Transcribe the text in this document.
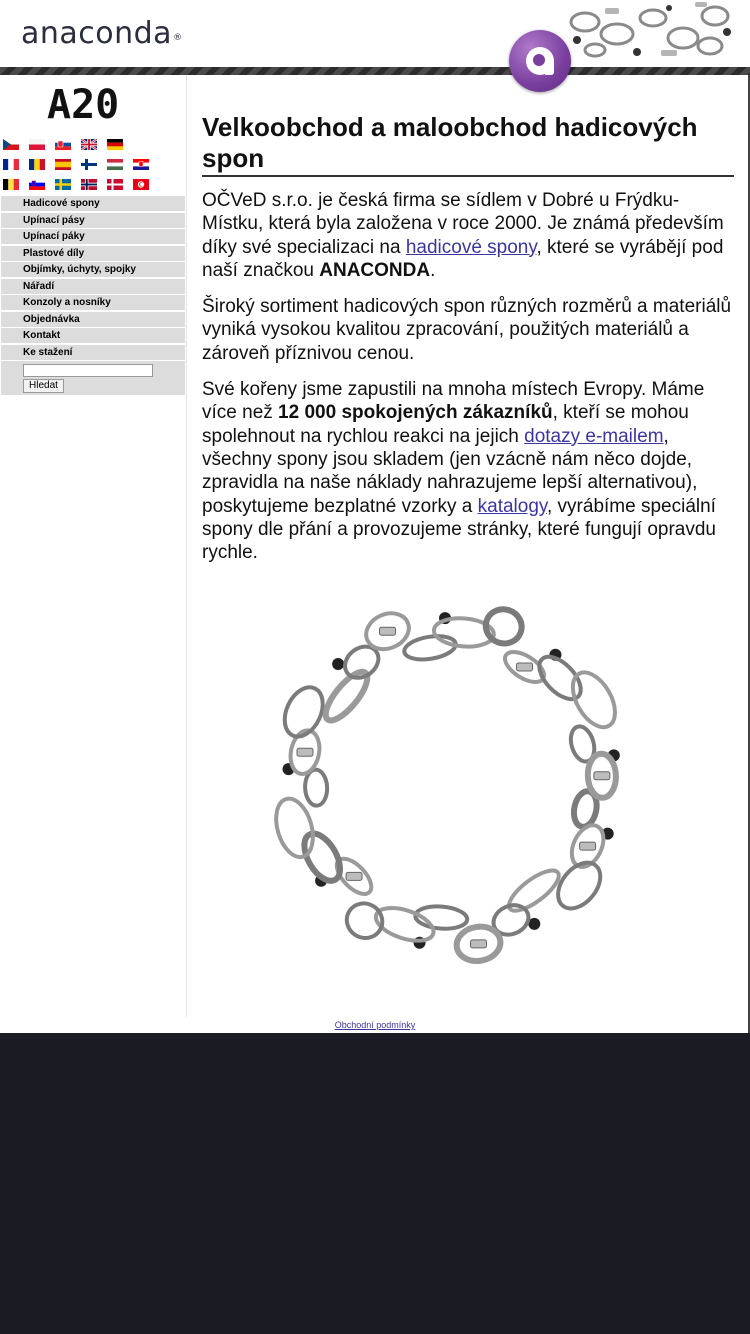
anaconda®
A20
Hadicové spony
Upínací pásy
Upínací páky
Plastové díly
Objímky, úchyty, spojky
Nářadí
Konzoly a nosníky
Objednávka
Kontakt
Ke stažení
Hledat
Velkoobchod a maloobchod hadicových spon

OČVeD s.r.o. je česká firma se sídlem v Dobré u Frýdku-Místku, která byla založena v roce 2000. Je známá především díky své specializaci na hadicové spony, které se vyrábějí pod naší značkou ANACONDA.

Široký sortiment hadicových spon různých rozměrů a materiálů vyniká vysokou kvalitou zpracování, použitých materiálů a zároveň příznivou cenou.

Své kořeny jsme zapustili na mnoha místech Evropy. Máme více než 12 000 spokojených zákazníků, kteří se mohou spolehnout na rychlou reakci na jejich dotazy e-mailem, všechny spony jsou skladem (jen vzácně nám něco dojde, zpravidla na naše náklady nahrazujeme lepší alternativou), poskytujeme bezplatné vzorky a katalogy, vyrábíme speciální spony dle přání a provozujeme stránky, které fungují opravdu rychle.

Obchodní podmínky
